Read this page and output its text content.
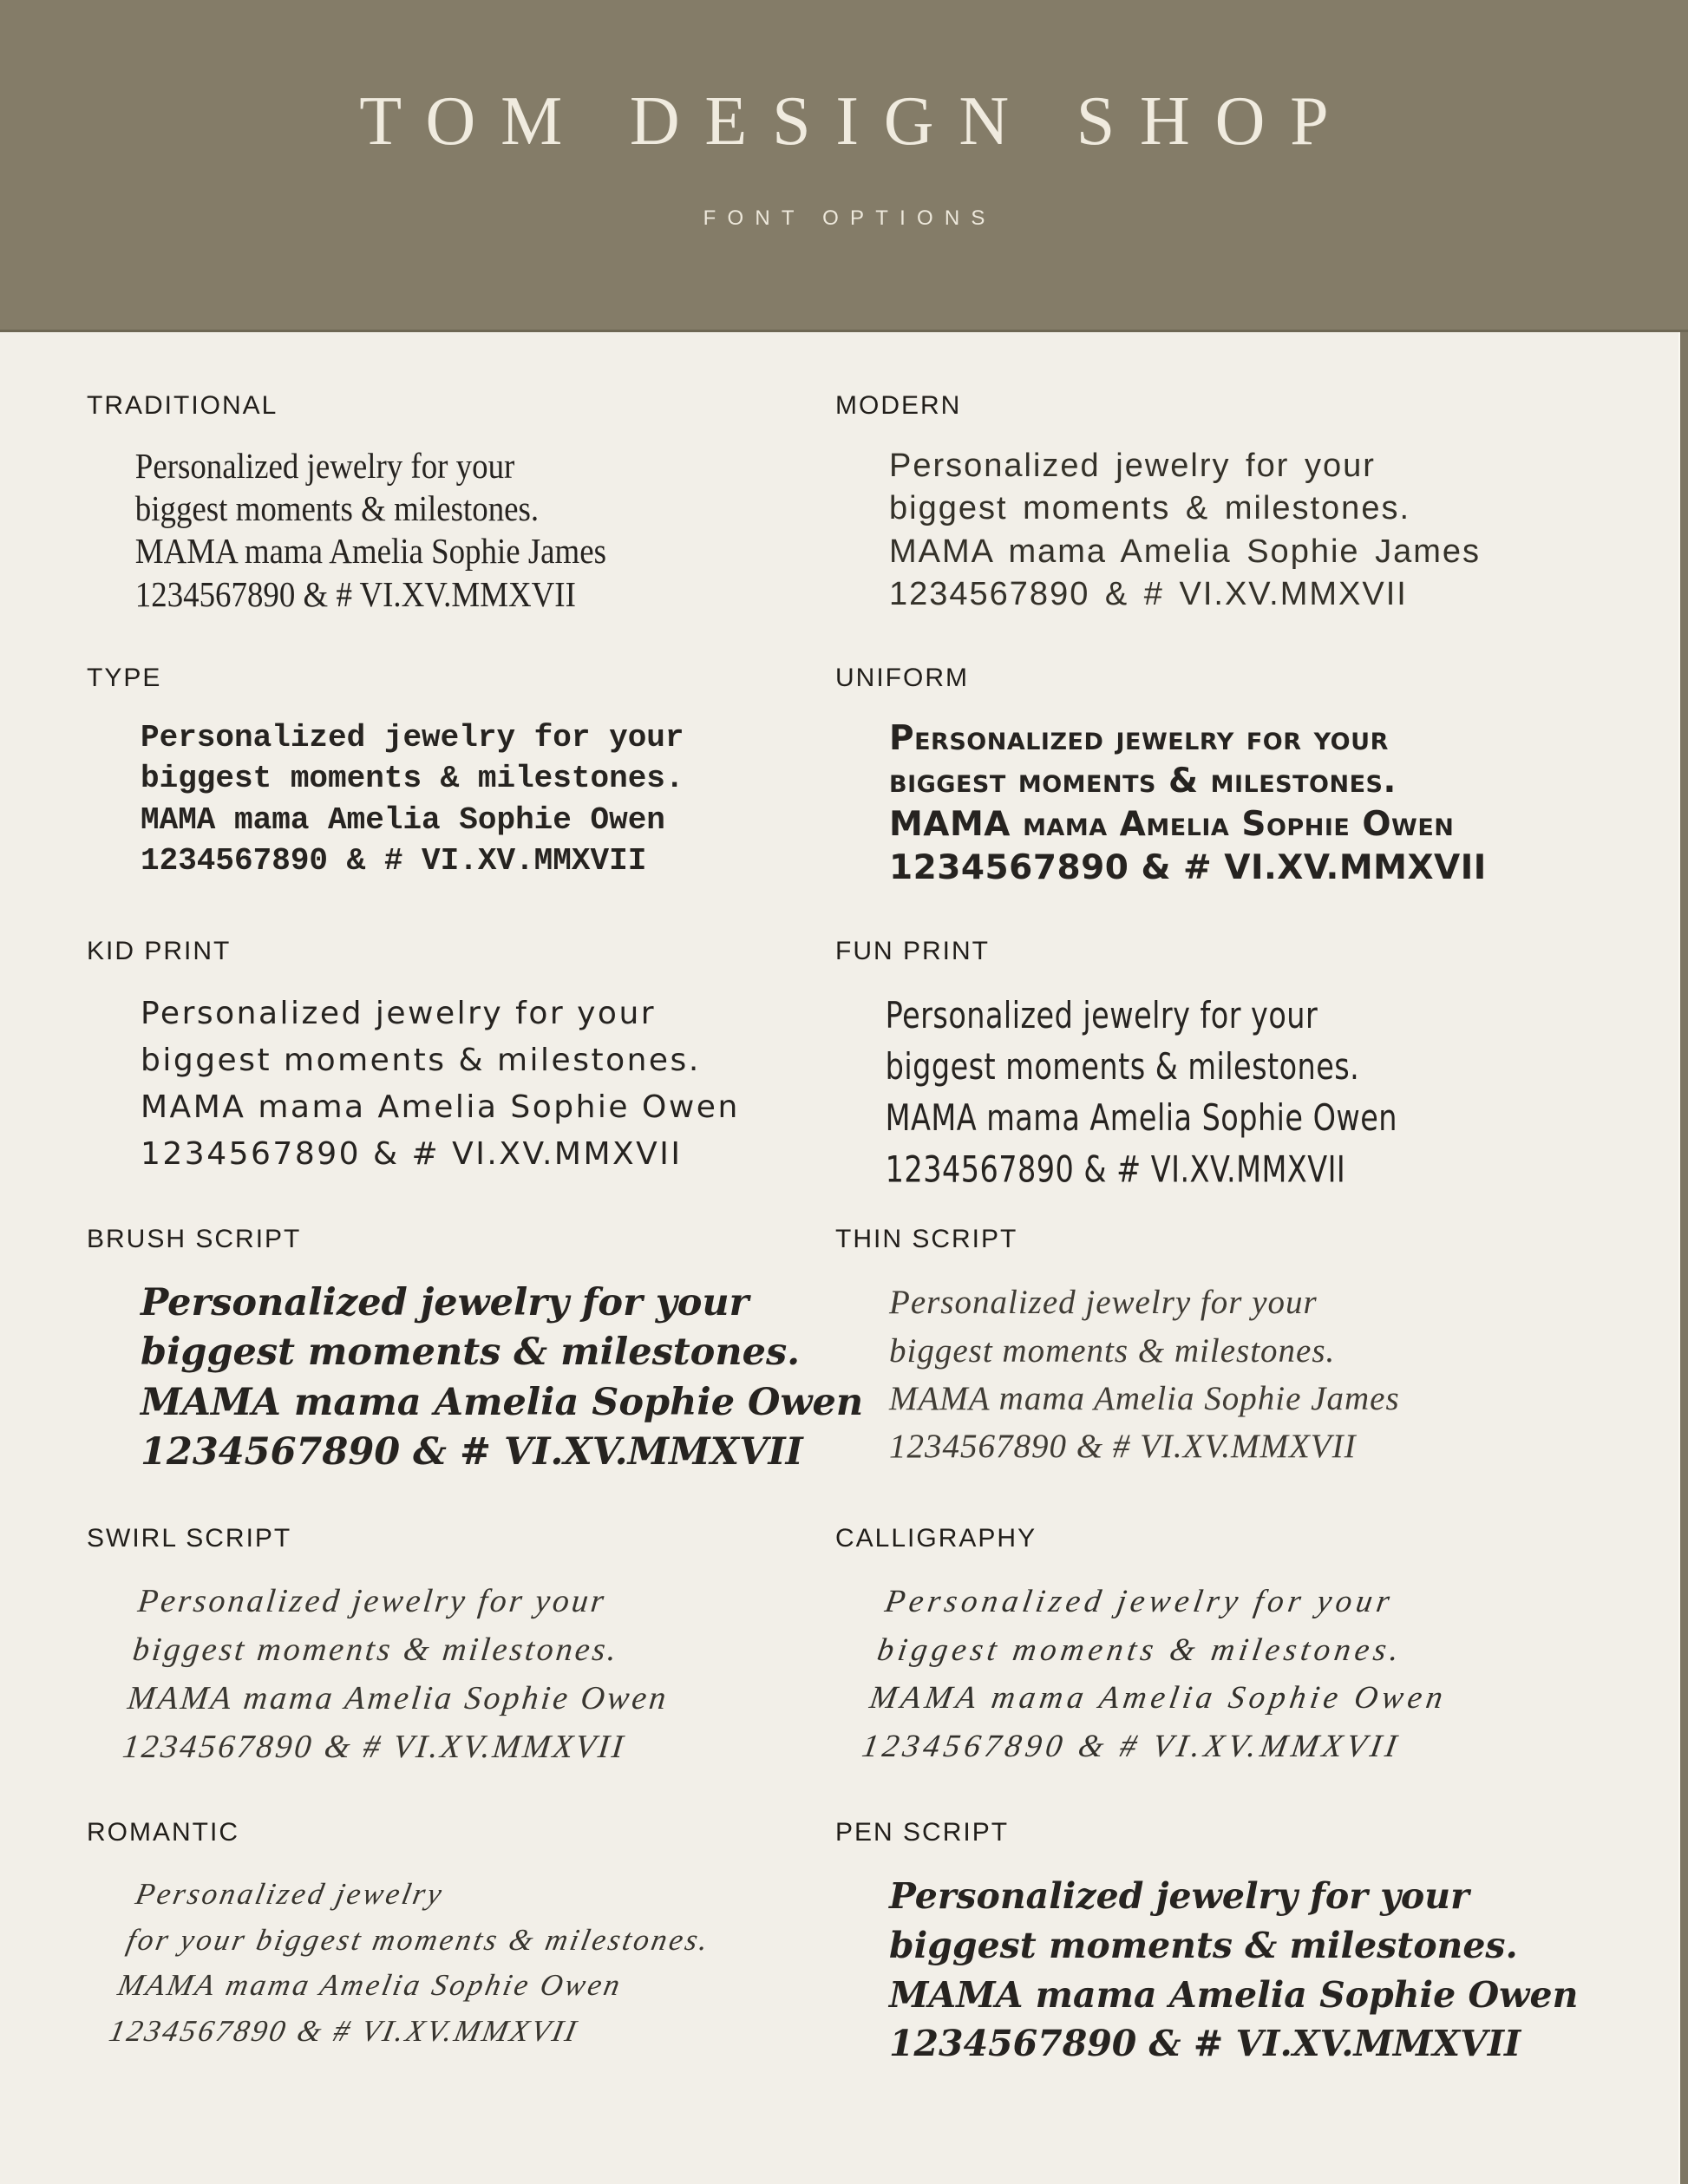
TOM DESIGN SHOP
FONT OPTIONS
TRADITIONAL

Personalized jewelry for your
biggest moments & milestones.
MAMA mama Amelia Sophie James
1234567890 & # VI.XV.MMXVII

MODERN

Personalized jewelry for your
biggest moments & milestones.
MAMA mama Amelia Sophie James
1234567890 & # VI.XV.MMXVII

TYPE

Personalized jewelry for your
biggest moments & milestones.
MAMA mama Amelia Sophie Owen
1234567890 & # VI.XV.MMXVII

UNIFORM

Personalized jewelry for your
biggest moments & milestones.
MAMA mama Amelia Sophie Owen
1234567890 & # VI.XV.MMXVII

KID PRINT

Personalized jewelry for your
biggest moments & milestones.
MAMA mama Amelia Sophie Owen
1234567890 & # VI.XV.MMXVII

FUN PRINT

Personalized jewelry for your
biggest moments & milestones.
MAMA mama Amelia Sophie Owen
1234567890 & # VI.XV.MMXVII

BRUSH SCRIPT

Personalized jewelry for your
biggest moments & milestones.
MAMA mama Amelia Sophie Owen
1234567890 & # VI.XV.MMXVII

THIN SCRIPT

Personalized jewelry for your
biggest moments & milestones.
MAMA mama Amelia Sophie James
1234567890 & # VI.XV.MMXVII

SWIRL SCRIPT

Personalized jewelry for your
biggest moments & milestones.
MAMA mama Amelia Sophie Owen
1234567890 & # VI.XV.MMXVII

CALLIGRAPHY

Personalized jewelry for your
biggest moments & milestones.
MAMA mama Amelia Sophie Owen
1234567890 & # VI.XV.MMXVII

ROMANTIC

Personalized jewelry
for your biggest moments & milestones.
MAMA mama Amelia Sophie Owen
1234567890 & # VI.XV.MMXVII

PEN SCRIPT

Personalized jewelry for your
biggest moments & milestones.
MAMA mama Amelia Sophie Owen
1234567890 & # VI.XV.MMXVII
